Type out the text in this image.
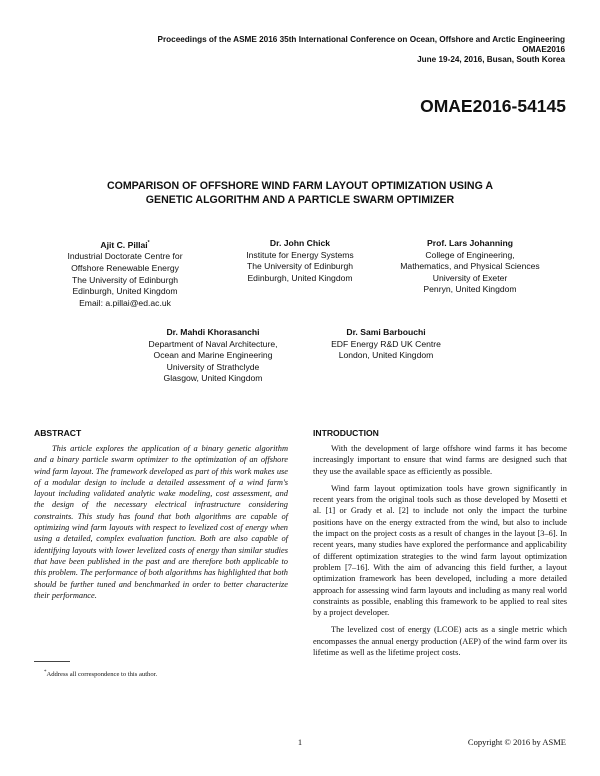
Proceedings of the ASME 2016 35th International Conference on Ocean, Offshore and Arctic Engineering
OMAE2016
June 19-24, 2016, Busan, South Korea
OMAE2016-54145
COMPARISON OF OFFSHORE WIND FARM LAYOUT OPTIMIZATION USING A
GENETIC ALGORITHM AND A PARTICLE SWARM OPTIMIZER
Ajit C. Pillai*
Industrial Doctorate Centre for
Offshore Renewable Energy
The University of Edinburgh
Edinburgh, United Kingdom
Email: a.pillai@ed.ac.uk
Dr. John Chick
Institute for Energy Systems
The University of Edinburgh
Edinburgh, United Kingdom
Prof. Lars Johanning
College of Engineering,
Mathematics, and Physical Sciences
University of Exeter
Penryn, United Kingdom
Dr. Mahdi Khorasanchi
Department of Naval Architecture,
Ocean and Marine Engineering
University of Strathclyde
Glasgow, United Kingdom
Dr. Sami Barbouchi
EDF Energy R&D UK Centre
London, United Kingdom
ABSTRACT
This article explores the application of a binary genetic algorithm and a binary particle swarm optimizer to the optimization of an offshore wind farm layout. The framework developed as part of this work makes use of a modular design to include a detailed assessment of a wind farm's layout including validated analytic wake modeling, cost assessment, and the design of the necessary electrical infrastructure considering constraints. This study has found that both algorithms are capable of optimizing wind farm layouts with respect to levelized cost of energy when using a detailed, complex evaluation function. Both are also capable of identifying layouts with lower levelized costs of energy than similar studies that have been published in the past and are therefore both applicable to this problem. The performance of both algorithms has highlighted that both should be further tuned and benchmarked in order to better characterize their performance.
INTRODUCTION

With the development of large offshore wind farms it has become increasingly important to ensure that wind farms are designed such that they use the available space as efficiently as possible.

Wind farm layout optimization tools have grown significantly in recent years from the original tools such as those developed by Mosetti et al. [1] or Grady et al. [2] to include not only the impact the turbine positions have on the energy extracted from the wind, but also to include the impact on the project costs as a result of changes in the layout [3–6]. In recent years, many studies have explored the performance and applicability of different optimization strategies to the wind farm layout optimization problem [7–16]. With the aim of advancing this field further, a layout optimization framework has been developed, including a more detailed approach for assessing wind farm layouts and including as many real world constraints as possible, enabling this framework to be applied to real sites by a project developer.

The levelized cost of energy (LCOE) acts as a single metric which encompasses the annual energy production (AEP) of the wind farm over its lifetime as well as the lifetime project costs.

*Address all correspondence to this author.
1	Copyright © 2016 by ASME
